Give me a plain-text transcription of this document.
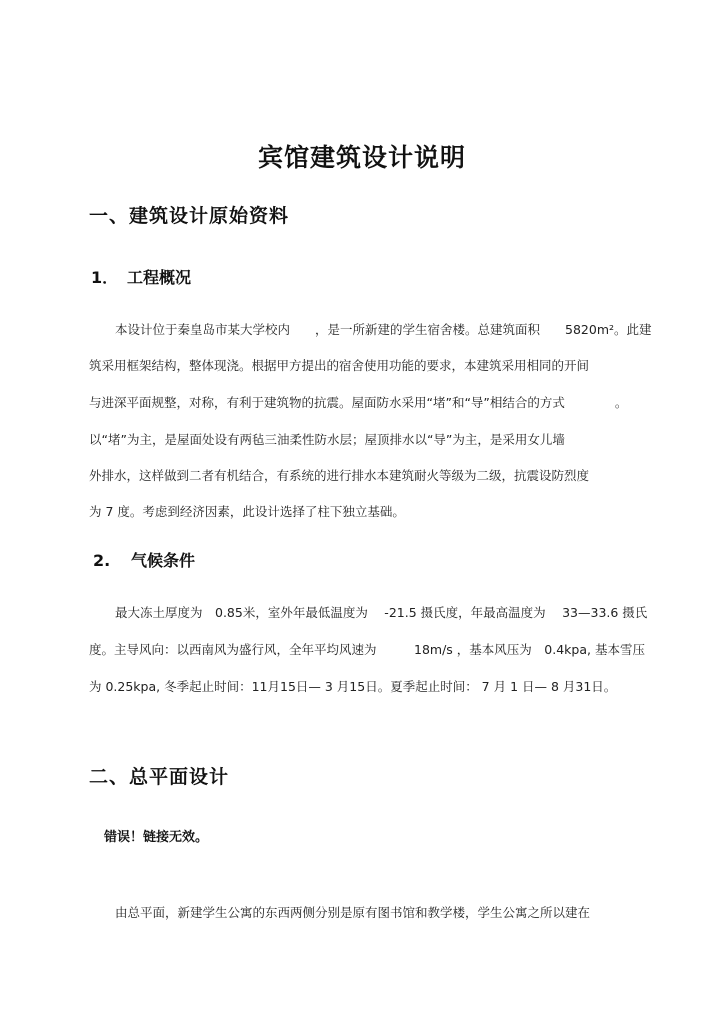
宾馆建筑设计说明
一、建筑设计原始资料
1． 工程概况
本设计位于秦皇岛市某大学校内　　，是一所新建的学生宿舍楼。总建筑面积　　5820m²。此建
筑采用框架结构，整体现浇。根据甲方提出的宿舍使用功能的要求，本建筑采用相同的开间
与进深平面规整，对称，有利于建筑物的抗震。屋面防水采用“堵”和“导”相结合的方式　　　　。
以“堵”为主，是屋面处设有两毡三油柔性防水层；屋顶排水以“导”为主，是采用女儿墙
外排水，这样做到二者有机结合，有系统的进行排水本建筑耐火等级为二级，抗震设防烈度
为 7 度。考虑到经济因素，此设计选择了柱下独立基础。
2. 气候条件
最大冻土厚度为　0.85米，室外年最低温度为　 -21.5 摄氏度，年最高温度为　 33—33.6 摄氏
度。主导风向：以西南风为盛行风，全年平均风速为　　　18m/s ，基本风压为　0.4kpa, 基本雪压
为 0.25kpa, 冬季起止时间：11月15日— 3 月15日。夏季起止时间： 7 月 1 日— 8 月31日。
二、总平面设计
错误！链接无效。
由总平面，新建学生公寓的东西两侧分别是原有图书馆和教学楼，学生公寓之所以建在
